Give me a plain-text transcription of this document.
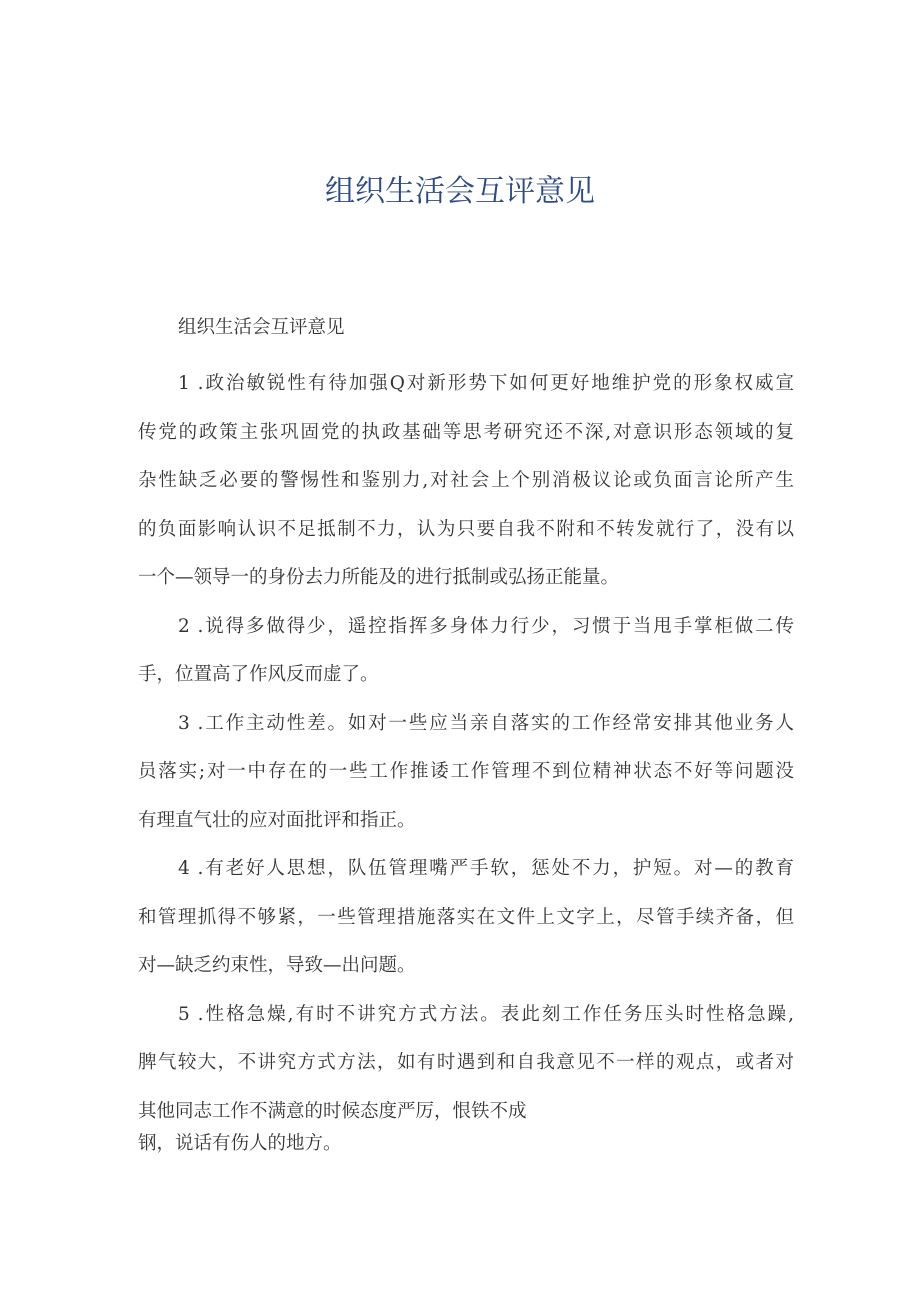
组织生活会互评意见

组织生活会互评意见

1 .政治敏锐性有待加强Q对新形势下如何更好地维护党的形象权威宣
传党的政策主张巩固党的执政基础等思考研究还不深,对意识形态领域的复
杂性缺乏必要的警惕性和鉴别力,对社会上个别消极议论或负面言论所产生
的负面影响认识不足抵制不力，认为只要自我不附和不转发就行了，没有以
一个—领导一的身份去力所能及的进行抵制或弘扬正能量。
2 .说得多做得少，遥控指挥多身体力行少，习惯于当甩手掌柜做二传
手，位置高了作风反而虚了。
3 .工作主动性差。如对一些应当亲自落实的工作经常安排其他业务人
员落实;对一中存在的一些工作推诿工作管理不到位精神状态不好等问题没
有理直气壮的应对面批评和指正。
4 .有老好人思想，队伍管理嘴严手软，惩处不力，护短。对—的教育
和管理抓得不够紧，一些管理措施落实在文件上文字上，尽管手续齐备，但
对—缺乏约束性，导致—出问题。
5 .性格急燥,有时不讲究方式方法。表此刻工作任务压头时性格急躁,
脾气较大，不讲究方式方法，如有时遇到和自我意见不一样的观点，或者对
其他同志工作不满意的时候态度严厉，恨铁不成
钢，说话有伤人的地方。
